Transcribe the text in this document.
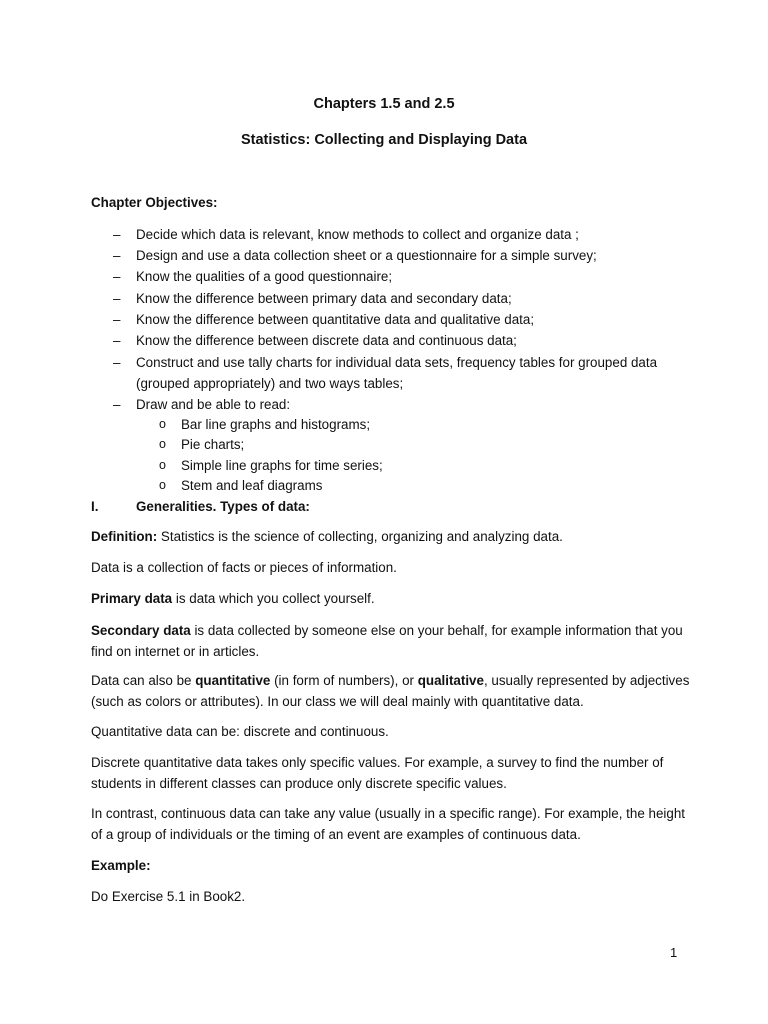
Chapters 1.5 and 2.5
Statistics: Collecting and Displaying Data
Chapter Objectives:
– Decide which data is relevant, know methods to collect and organize data ;
– Design and use a data collection sheet or a questionnaire for a simple survey;
– Know the qualities of a good questionnaire;
– Know the difference between primary data and secondary data;
– Know the difference between quantitative data and qualitative data;
– Know the difference between discrete data and continuous data;
– Construct and use tally charts for individual data sets, frequency tables for grouped data (grouped appropriately) and two ways tables;
– Draw and be able to read:
o Bar line graphs and histograms;
o Pie charts;
o Simple line graphs for time series;
o Stem and leaf diagrams
I.	Generalities. Types of data:
Definition: Statistics is the science of collecting, organizing and analyzing data.
Data is a collection of facts or pieces of information.
Primary data is data which you collect yourself.
Secondary data is data collected by someone else on your behalf, for example information that you find on internet or in articles.
Data can also be quantitative (in form of numbers), or qualitative, usually represented by adjectives (such as colors or attributes). In our class we will deal mainly with quantitative data.
Quantitative data can be: discrete and continuous.
Discrete quantitative data takes only specific values. For example, a survey to find the number of students in different classes can produce only discrete specific values.
In contrast, continuous data can take any value (usually in a specific range). For example, the height of a group of individuals or the timing of an event are examples of continuous data.
Example:
Do Exercise 5.1 in Book2.
1
